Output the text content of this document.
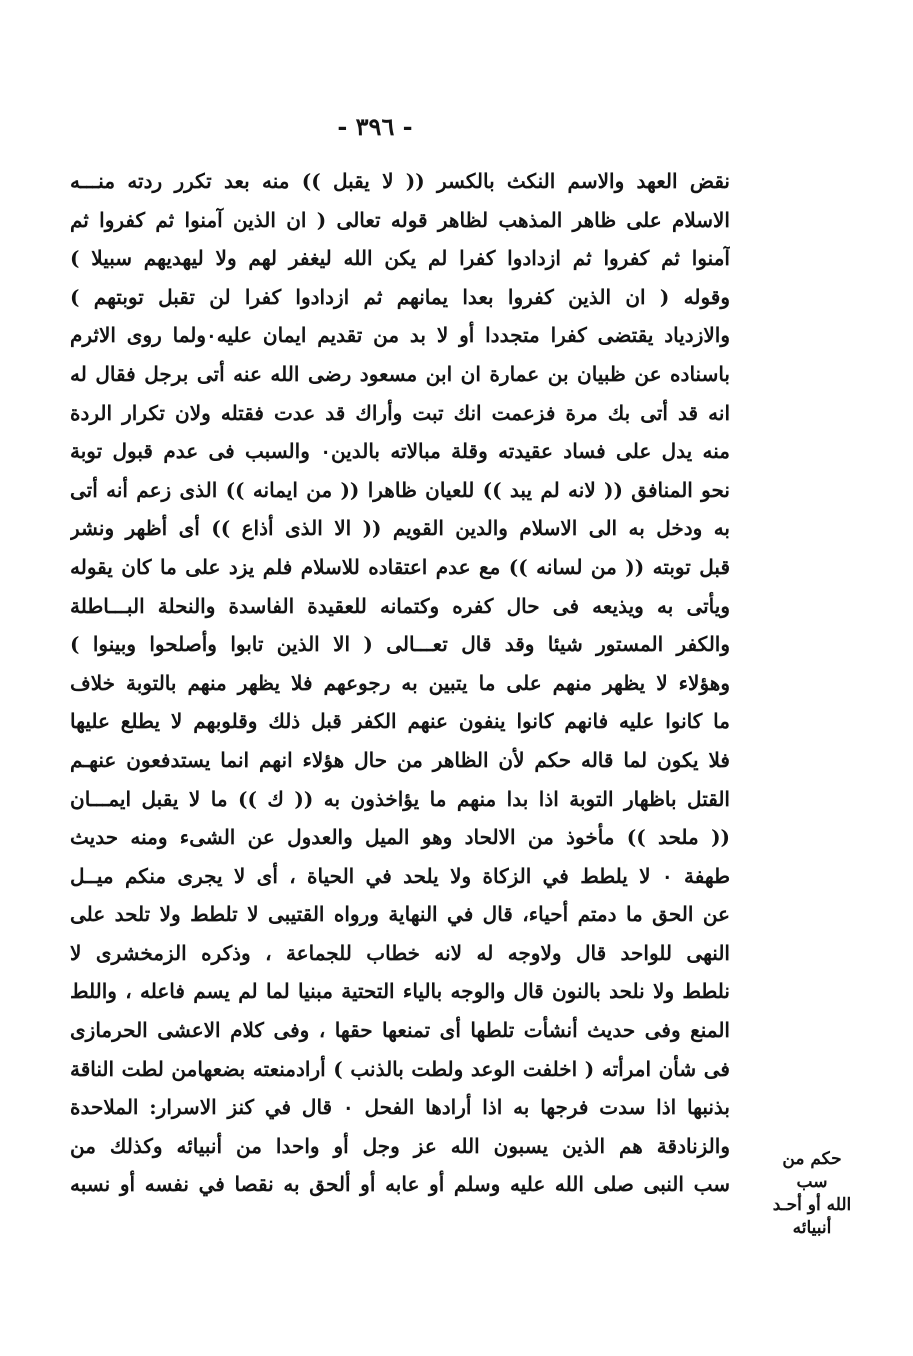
- ٣٩٦ -
نقض العهد والاسم النكث بالكسر (( لا يقبل )) منه بعد تكرر ردته منـــه
الاسلام على ظاهر المذهب لظاهر قوله تعالى ( ان الذين آمنوا ثم كفروا ثم
آمنوا ثم كفروا ثم ازدادوا كفرا لم يكن الله ليغفر لهم ولا ليهديهم سبيلا )
وقوله ( ان الذين كفروا بعدا يمانهم ثم ازدادوا كفرا لن تقبل توبتهم )
والازدياد يقتضى كفرا متجددا أو لا بد من تقديم ايمان عليه٠ولما روى الاثرم
باسناده عن ظبيان بن عمارة ان ابن مسعود رضى الله عنه أتى برجل فقال له
انه قد أتى بك مرة فزعمت انك تبت وأراك قد عدت فقتله ولان تكرار الردة
منه يدل على فساد عقيدته وقلة مبالاته بالدين٠ والسبب فى عدم قبول توبة
نحو المنافق (( لانه لم يبد )) للعيان ظاهرا (( من ايمانه )) الذى زعم أنه أتى
به ودخل به الى الاسلام والدين القويم (( الا الذى أذاع )) أى أظهر ونشر
قبل توبته (( من لسانه )) مع عدم اعتقاده للاسلام فلم يزد على ما كان يقوله
ويأتى به ويذيعه فى حال كفره وكتمانه للعقيدة الفاسدة والنحلة البـــاطلة
والكفر المستور شيئا وقد قال تعـــالى ( الا الذين تابوا وأصلحوا وبينوا )
وهؤلاء لا يظهر منهم على ما يتبين به رجوعهم فلا يظهر منهم بالتوبة خلاف
ما كانوا عليه فانهم كانوا ينفون عنهم الكفر قبل ذلك وقلوبهم لا يطلع عليها
فلا يكون لما قاله حكم لأن الظاهر من حال هؤلاء انهم انما يستدفعون عنهـم
القتل باظهار التوبة اذا بدا منهم ما يؤاخذون به (( ك )) ما لا يقبل ايمـــان
(( ملحد )) مأخوذ من الالحاد وهو الميل والعدول عن الشىء ومنه حديث
طهفة ٠ لا يلطط في الزكاة ولا يلحد في الحياة ، أى لا يجرى منكم ميــل
عن الحق ما دمتم أحياء، قال في النهاية ورواه القتيبى لا تلطط ولا تلحد على
النهى للواحد قال ولاوجه له لانه خطاب للجماعة ، وذكره الزمخشرى لا
نلطط ولا نلحد بالنون قال والوجه بالياء التحتية مبنيا لما لم يسم فاعله ، واللط
المنع وفى حديث أنشأت تلطها أى تمنعها حقها ، وفى كلام الاعشى الحرمازى
فى شأن امرأته ( اخلفت الوعد ولطت بالذنب ) أرادمنعته بضعهامن لطت الناقة
بذنبها اذا سدت فرجها به اذا أرادها الفحل ٠ قال في كنز الاسرار: الملاحدة
والزنادقة هم الذين يسبون الله عز وجل أو واحدا من أنبيائه وكذلك من
سب النبى صلى الله عليه وسلم أو عابه أو ألحق به نقصا في نفسه أو نسبه
حكم من سب
الله أو أحـد
أنبيائه
